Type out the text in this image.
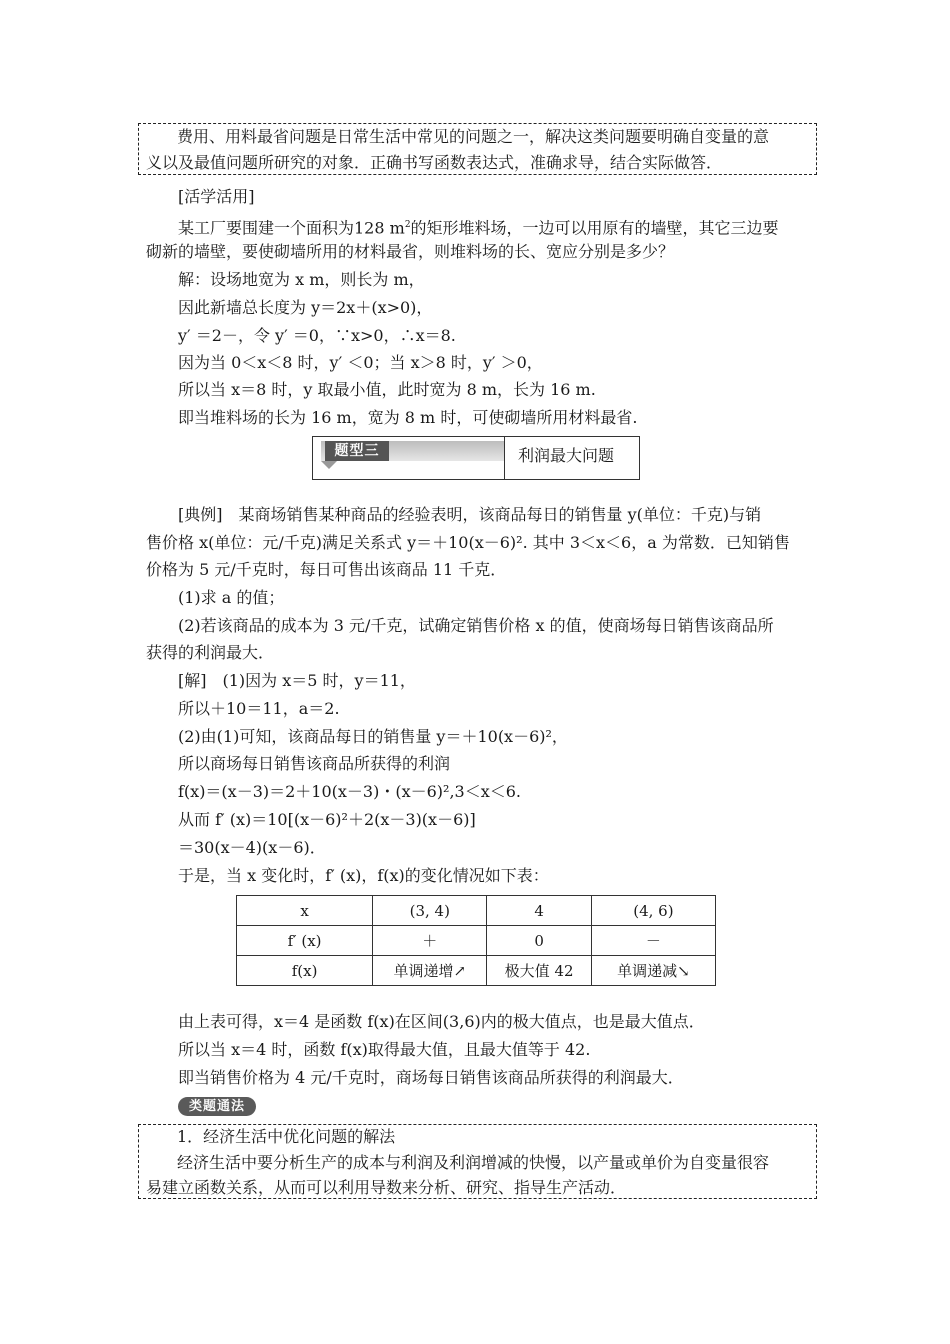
费用、用料最省问题是日常生活中常见的问题之一，解决这类问题要明确自变量的意
义以及最值问题所研究的对象．正确书写函数表达式，准确求导，结合实际做答．
[活学活用]
某工厂要围建一个面积为128 $m^2$的矩形堆料场，一边可以用原有的墙壁，其它三边要
砌新的墙壁，要使砌墙所用的材料最省，则堆料场的长、宽应分别是多少？
解：设场地宽为 x m，则长为 m，
因此新墙总长度为 y＝2x＋(x>0)，
y′ ＝2－，令 y′ ＝0，∵x>0，∴x＝8.
因为当 0＜x＜8 时，y′ ＜0；当 x＞8 时，y′ ＞0，
所以当 x＝8 时，y 取最小值，此时宽为 8 m，长为 16 m.
即当堆料场的长为 16 m，宽为 8 m 时，可使砌墙所用材料最省.
题型三	利润最大问题
[典例]　某商场销售某种商品的经验表明，该商品每日的销售量 y(单位：千克)与销
售价格 x(单位：元/千克)满足关系式 y＝＋10(x－6)². 其中 3＜x＜6，a 为常数．已知销售
价格为 5 元/千克时，每日可售出该商品 11 千克．
(1)求 a 的值；
(2)若该商品的成本为 3 元/千克，试确定销售价格 x 的值，使商场每日销售该商品所
获得的利润最大．
[解]　(1)因为 x＝5 时，y＝11，
所以＋10＝11，a＝2.
(2)由(1)可知，该商品每日的销售量 y＝＋10(x－6)²，
所以商场每日销售该商品所获得的利润
f(x)＝(x－3)＝2＋10(x－3)・(x－6)²,3＜x＜6.
从而 f′ (x)＝10[(x－6)²＋2(x－3)(x－6)]
＝30(x－4)(x－6)．
于是，当 x 变化时，f′ (x)，f(x)的变化情况如下表：
x	(3, 4)	4	(4, 6)
f′ (x)	＋	0	－
f(x)	单调递增↗	极大值 42	单调递减↘
由上表可得，x＝4 是函数 f(x)在区间(3,6)内的极大值点，也是最大值点．
所以当 x＝4 时，函数 f(x)取得最大值，且最大值等于 42.
即当销售价格为 4 元/千克时，商场每日销售该商品所获得的利润最大．
类题通法
1．经济生活中优化问题的解法
经济生活中要分析生产的成本与利润及利润增减的快慢，以产量或单价为自变量很容
易建立函数关系，从而可以利用导数来分析、研究、指导生产活动．
